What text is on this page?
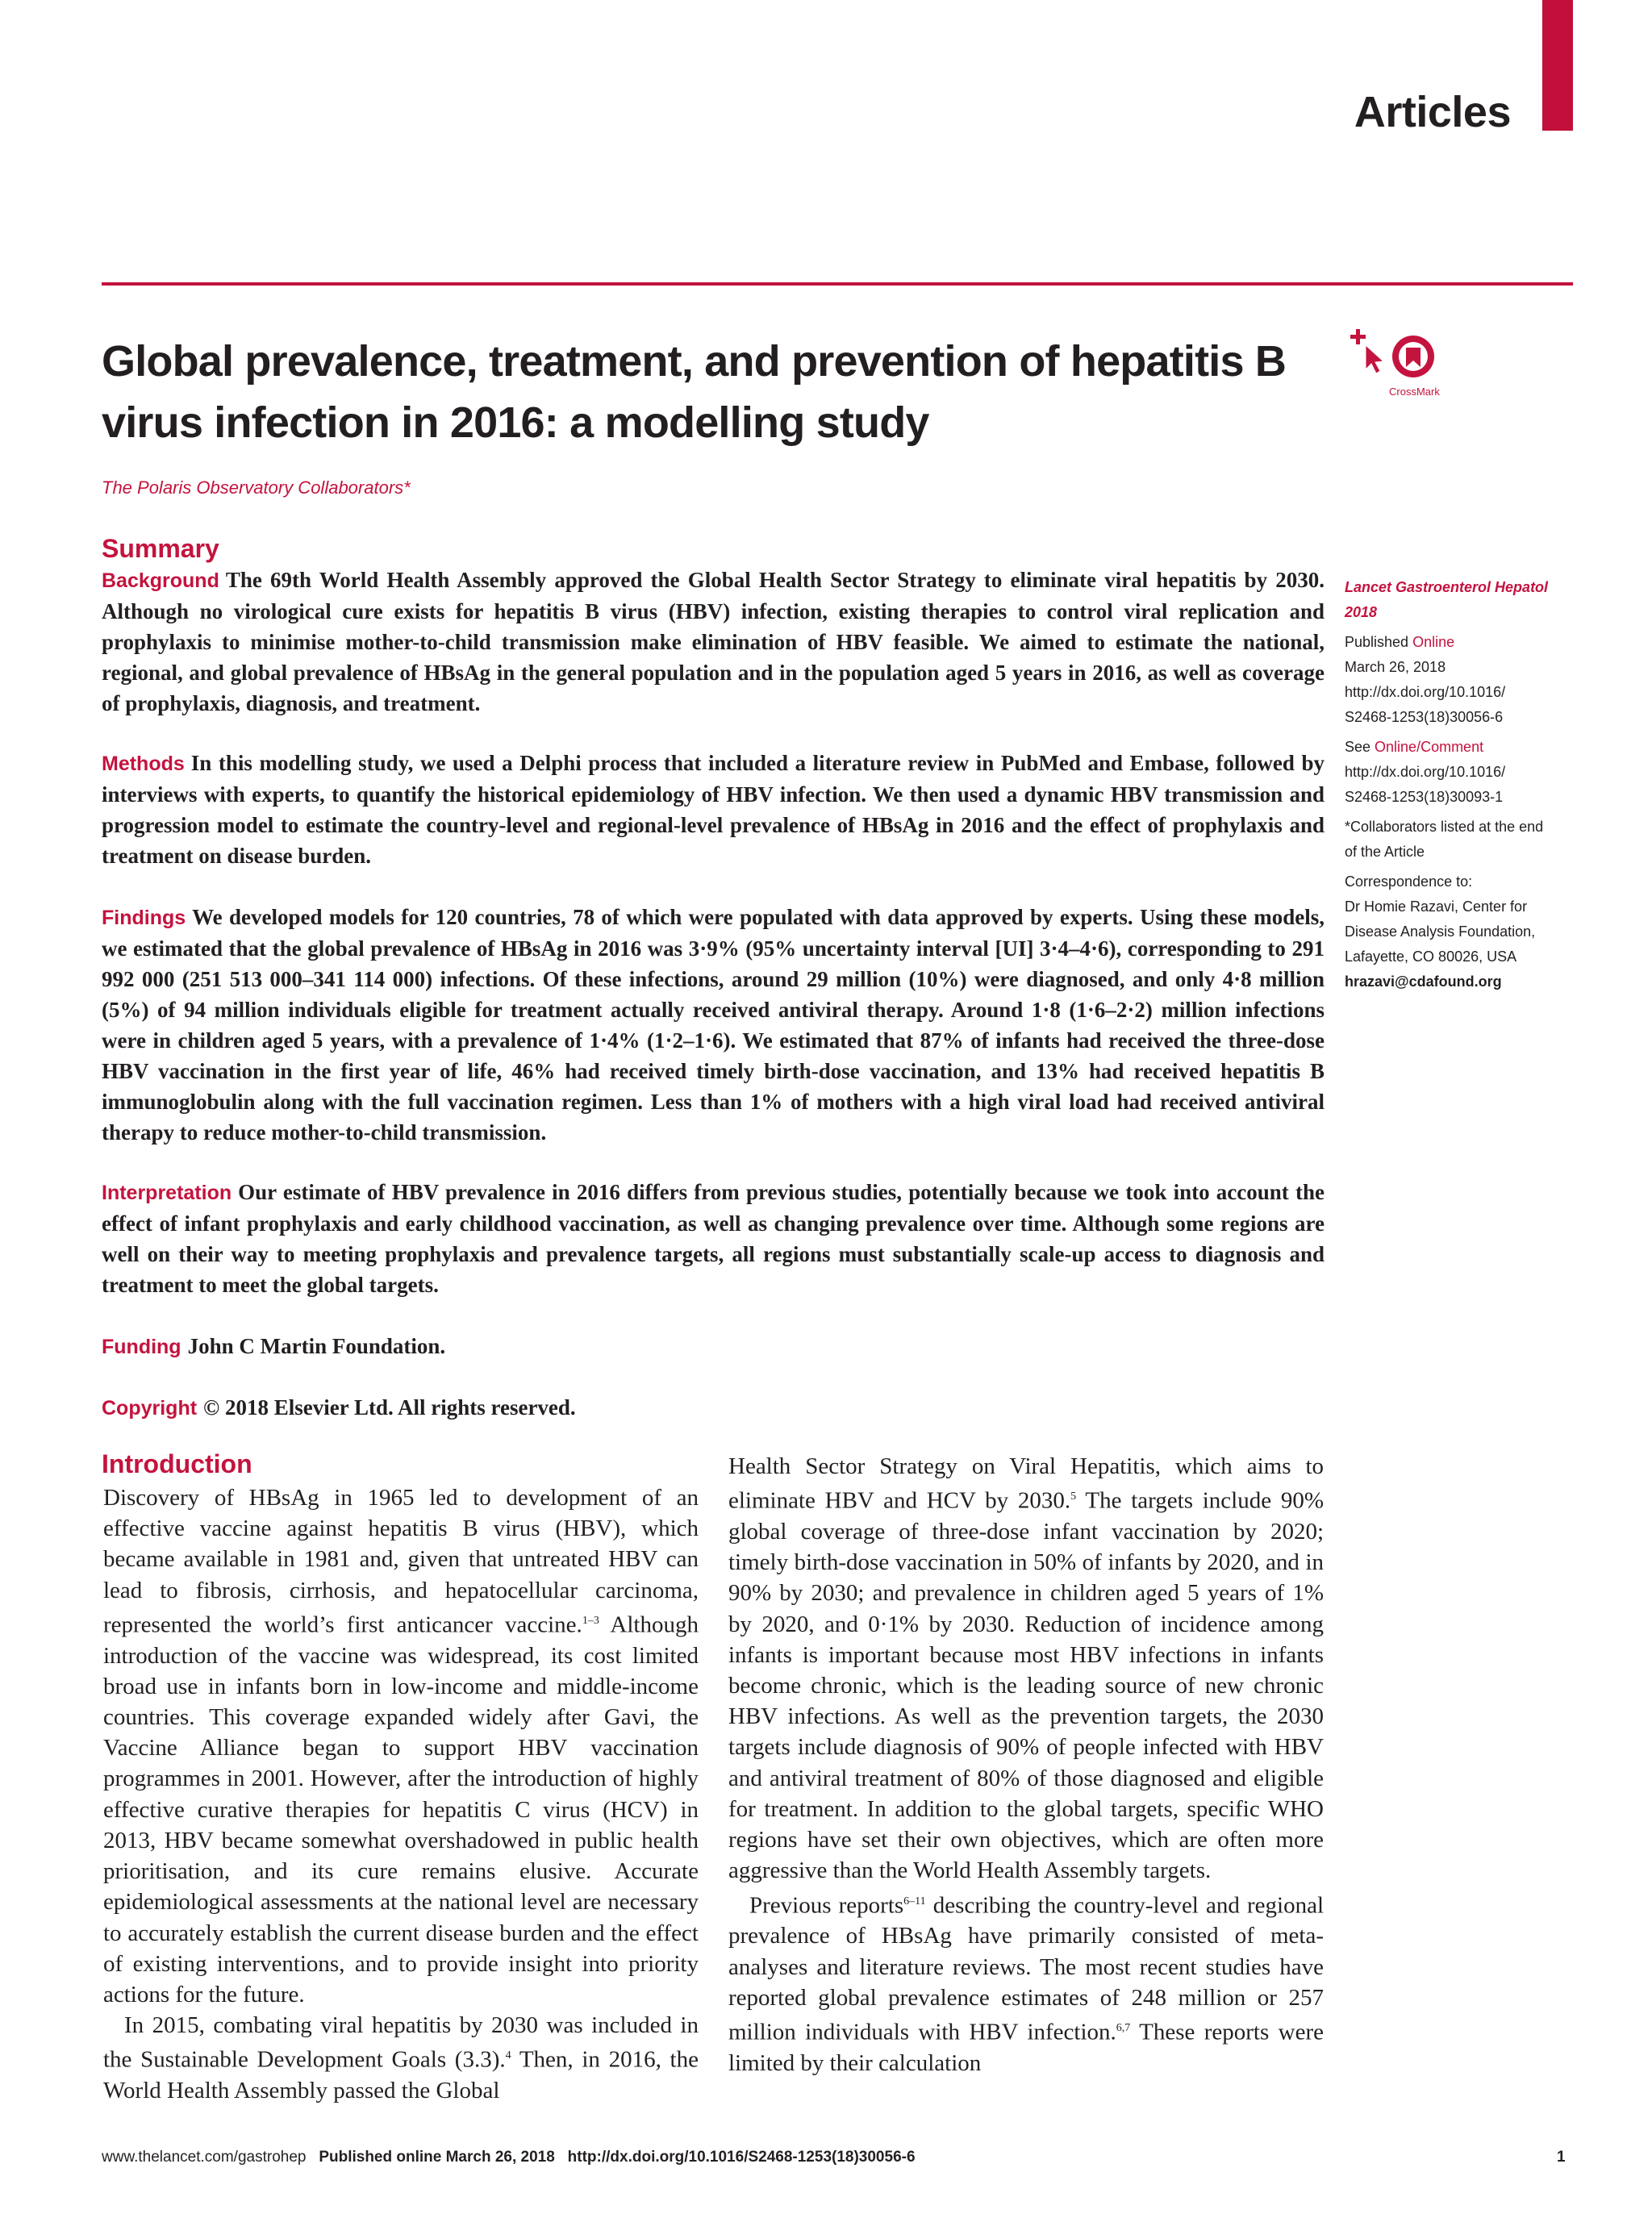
Articles
Global prevalence, treatment, and prevention of hepatitis B virus infection in 2016: a modelling study
The Polaris Observatory Collaborators*
CrossMark
Summary

Background The 69th World Health Assembly approved the Global Health Sector Strategy to eliminate viral hepatitis by 2030. Although no virological cure exists for hepatitis B virus (HBV) infection, existing therapies to control viral replication and prophylaxis to minimise mother-to-child transmission make elimination of HBV feasible. We aimed to estimate the national, regional, and global prevalence of HBsAg in the general population and in the population aged 5 years in 2016, as well as coverage of prophylaxis, diagnosis, and treatment.

Methods In this modelling study, we used a Delphi process that included a literature review in PubMed and Embase, followed by interviews with experts, to quantify the historical epidemiology of HBV infection. We then used a dynamic HBV transmission and progression model to estimate the country-level and regional-level prevalence of HBsAg in 2016 and the effect of prophylaxis and treatment on disease burden.

Findings We developed models for 120 countries, 78 of which were populated with data approved by experts. Using these models, we estimated that the global prevalence of HBsAg in 2016 was 3·9% (95% uncertainty interval [UI] 3·4–4·6), corresponding to 291 992 000 (251 513 000–341 114 000) infections. Of these infections, around 29 million (10%) were diagnosed, and only 4·8 million (5%) of 94 million individuals eligible for treatment actually received antiviral therapy. Around 1·8 (1·6–2·2) million infections were in children aged 5 years, with a prevalence of 1·4% (1·2–1·6). We estimated that 87% of infants had received the three-dose HBV vaccination in the first year of life, 46% had received timely birth-dose vaccination, and 13% had received hepatitis B immunoglobulin along with the full vaccination regimen. Less than 1% of mothers with a high viral load had received antiviral therapy to reduce mother-to-child transmission.

Interpretation Our estimate of HBV prevalence in 2016 differs from previous studies, potentially because we took into account the effect of infant prophylaxis and early childhood vaccination, as well as changing prevalence over time. Although some regions are well on their way to meeting prophylaxis and prevalence targets, all regions must substantially scale-up access to diagnosis and treatment to meet the global targets.

Funding John C Martin Foundation.

Copyright © 2018 Elsevier Ltd. All rights reserved.

Lancet Gastroenterol Hepatol
2018

Published Online
March 26, 2018
http://dx.doi.org/10.1016/
S2468-1253(18)30056-6

See Online/Comment
http://dx.doi.org/10.1016/
S2468-1253(18)30093-1

*Collaborators listed at the end
of the Article

Correspondence to:
Dr Homie Razavi, Center for
Disease Analysis Foundation,
Lafayette, CO 80026, USA
hrazavi@cdafound.org

Introduction

Discovery of HBsAg in 1965 led to development of an effective vaccine against hepatitis B virus (HBV), which became available in 1981 and, given that untreated HBV can lead to fibrosis, cirrhosis, and hepatocellular carcinoma, represented the world’s first anticancer vaccine.$^{1-3}$ Although introduction of the vaccine was widespread, its cost limited broad use in infants born in low-income and middle-income countries. This coverage expanded widely after Gavi, the Vaccine Alliance began to support HBV vaccination programmes in 2001. However, after the introduction of highly effective curative therapies for hepatitis C virus (HCV) in 2013, HBV became somewhat overshadowed in public health prioritisation, and its cure remains elusive. Accurate epidemiological assessments at the national level are necessary to accurately establish the current disease burden and the effect of existing interventions, and to provide insight into priority actions for the future.

In 2015, combating viral hepatitis by 2030 was included in the Sustainable Development Goals (3.3).$^4$ Then, in 2016, the World Health Assembly passed the Global

Health Sector Strategy on Viral Hepatitis, which aims to eliminate HBV and HCV by 2030.$^5$ The targets include 90% global coverage of three-dose infant vaccination by 2020; timely birth-dose vaccination in 50% of infants by 2020, and in 90% by 2030; and prevalence in children aged 5 years of 1% by 2020, and 0·1% by 2030. Reduction of incidence among infants is important because most HBV infections in infants become chronic, which is the leading source of new chronic HBV infections. As well as the prevention targets, the 2030 targets include diagnosis of 90% of people infected with HBV and antiviral treatment of 80% of those diagnosed and eligible for treatment. In addition to the global targets, specific WHO regions have set their own objectives, which are often more aggressive than the World Health Assembly targets.

Previous reports$^{6-11}$ describing the country-level and regional prevalence of HBsAg have primarily consisted of meta-analyses and literature reviews. The most recent studies have reported global prevalence estimates of 248 million or 257 million individuals with HBV infection.$^{6,7}$ These reports were limited by their calculation

www.thelancet.com/gastrohep Published online March 26, 2018 http://dx.doi.org/10.1016/S2468-1253(18)30056-6	1
